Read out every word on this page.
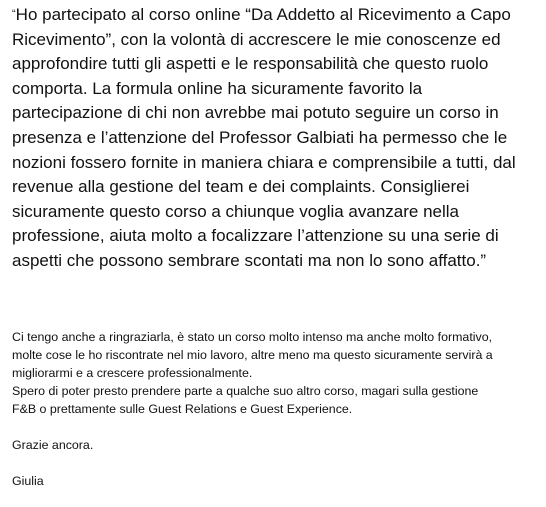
“Ho partecipato al corso online “Da Addetto al Ricevimento a Capo
Ricevimento”, con la volontà di accrescere le mie conoscenze ed
approfondire tutti gli aspetti e le responsabilità che questo ruolo
comporta. La formula online ha sicuramente favorito la
partecipazione di chi non avrebbe mai potuto seguire un corso in
presenza e l’attenzione del Professor Galbiati ha permesso che le
nozioni fossero fornite in maniera chiara e comprensibile a tutti, dal
revenue alla gestione del team e dei complaints. Consiglierei
sicuramente questo corso a chiunque voglia avanzare nella
professione, aiuta molto a focalizzare l’attenzione su una serie di
aspetti che possono sembrare scontati ma non lo sono affatto.”

Ci tengo anche a ringraziarla, è stato un corso molto intenso ma anche molto formativo,
molte cose le ho riscontrate nel mio lavoro, altre meno ma questo sicuramente servirà a
migliorarmi e a crescere professionalmente.
Spero di poter presto prendere parte a qualche suo altro corso, magari sulla gestione
F&B o prettamente sulle Guest Relations e Guest Experience.

Grazie ancora.

Giulia
